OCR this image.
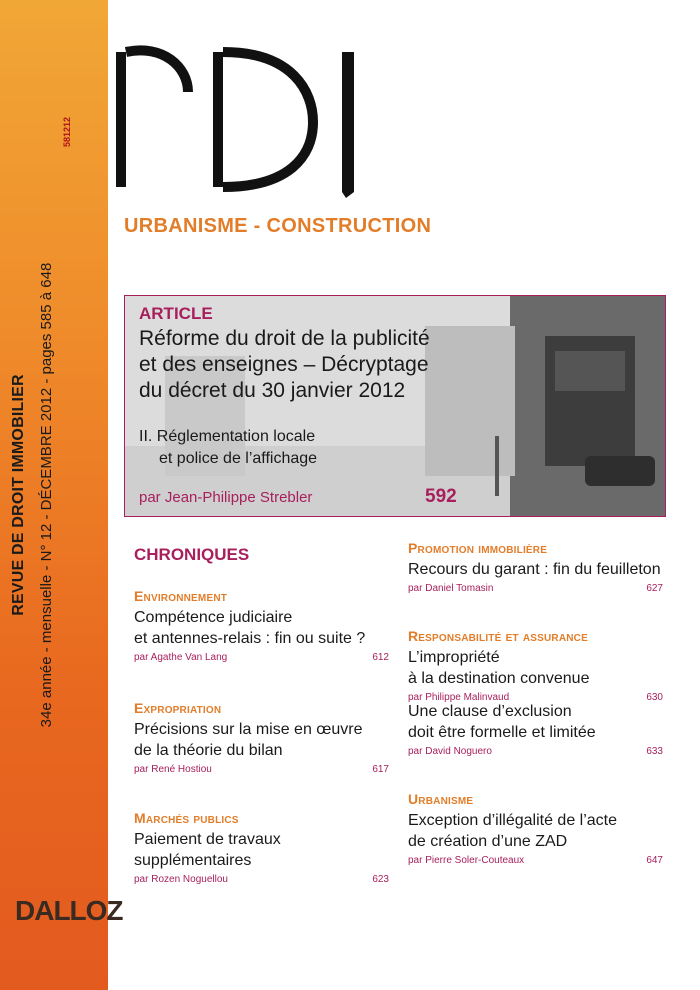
REVUE DE DROIT IMMOBILIER 34e année - mensuelle - N° 12 - DÉCEMBRE 2012 - pages 585 à 648
581212
DALLOZ
URBANISME - CONSTRUCTION
ARTICLE
Réforme du droit de la publicité
et des enseignes – Décryptage
du décret du 30 janvier 2012
II. Réglementation locale
et police de l’affichage
par Jean-Philippe Strebler	592
CHRONIQUES
Environnement
Compétence judiciaire
et antennes-relais : fin ou suite ?
par Agathe Van Lang	612
Expropriation
Précisions sur la mise en œuvre
de la théorie du bilan
par René Hostiou	617
Marchés publics
Paiement de travaux
supplémentaires
par Rozen Noguellou	623
Promotion immobilière
Recours du garant : fin du feuilleton
par Daniel Tomasin	627
Responsabilité et assurance
L’impropriété
à la destination convenue
par Philippe Malinvaud	630
Une clause d’exclusion
doit être formelle et limitée
par David Noguero	633
Urbanisme
Exception d’illégalité de l’acte
de création d’une ZAD
par Pierre Soler-Couteaux	647
